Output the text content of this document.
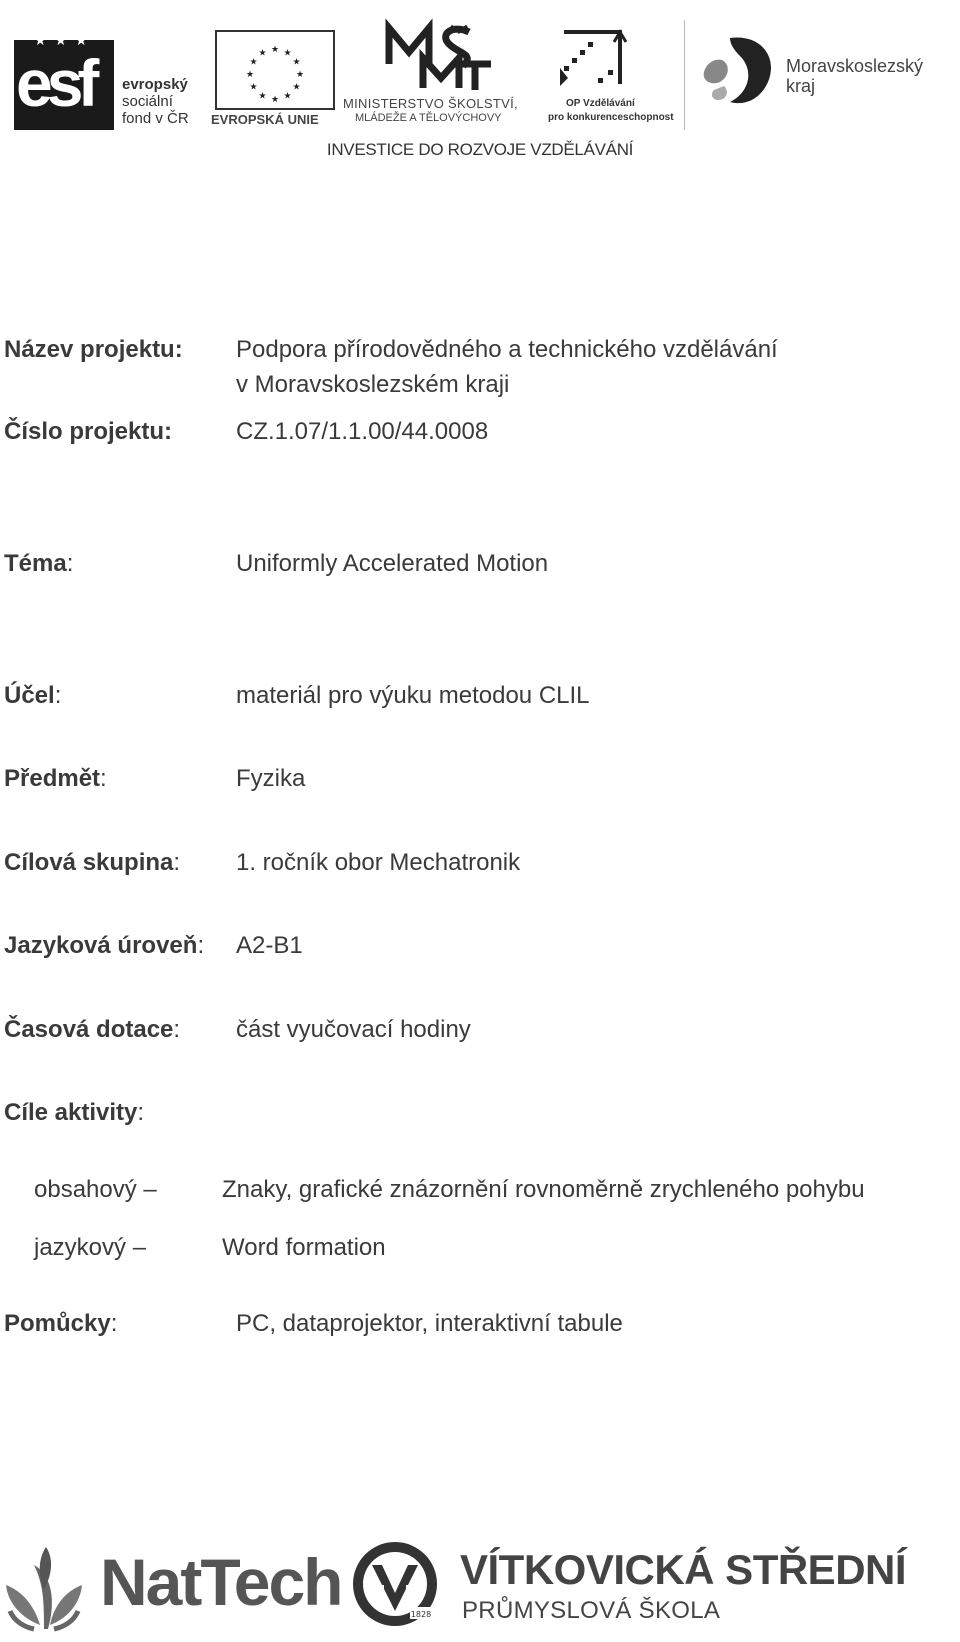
★ ★ ★
esf	evropský
sociální
fond v ČR
★ ★
★
★
★
★
★
★
★
★
★
★
EVROPSKÁ UNIE
MINISTERSTVO ŠKOLSTVÍ,
MLÁDEŽE A TĚLOVÝCHOVY
OP Vzdělávání
pro konkurenceschopnost
Moravskoslezský
kraj
INVESTICE DO ROZVOJE VZDĚLÁVÁNÍ
Název projektu: Podpora přírodovědného a technického vzdělávání
v Moravskoslezském kraji
Číslo projektu:	CZ.1.07/1.1.00/44.0008
Téma:	Uniformly Accelerated Motion
Účel:	materiál pro výuku metodou CLIL
Předmět:	Fyzika
Cílová skupina: 1. ročník obor Mechatronik
Jazyková úroveň: A2-B1
Časová dotace: část vyučovací hodiny
Cíle aktivity:
obsahový –	Znaky, grafické znázornění rovnoměrně zrychleného pohybu
jazykový –	Word formation
Pomůcky:	PC, dataprojektor, interaktivní tabule
NatTech	1828
VÍTKOVICKÁ STŘEDNÍ
PRŮMYSLOVÁ ŠKOLA
